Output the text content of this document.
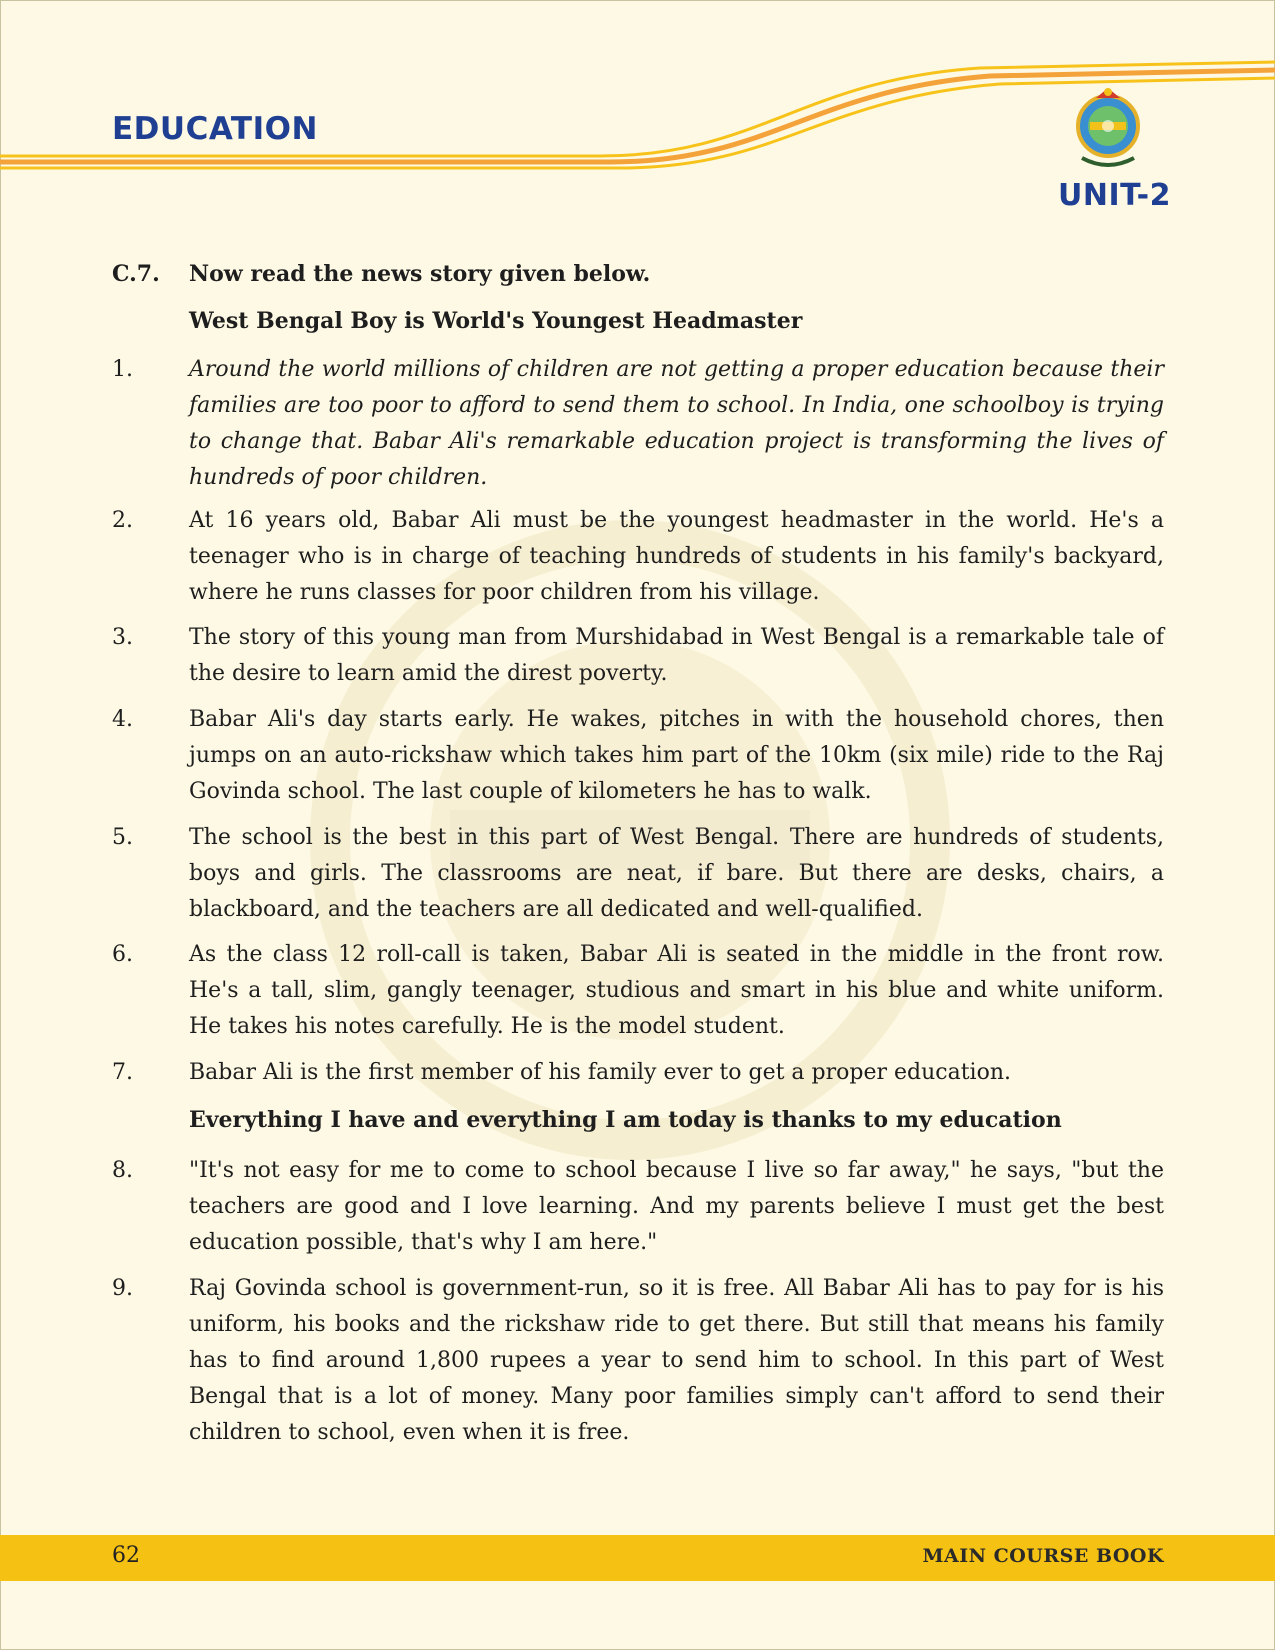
EDUCATION
UNIT-2
C.7.	Now read the news story given below.
West Bengal Boy is World's Youngest Headmaster
1.	Around the world millions of children are not getting a proper education because their families are too poor to afford to send them to school. In India, one schoolboy is trying to change that. Babar Ali's remarkable education project is transforming the lives of hundreds of poor children.
2.	At 16 years old, Babar Ali must be the youngest headmaster in the world. He's a teenager who is in charge of teaching hundreds of students in his family's backyard, where he runs classes for poor children from his village.
3.	The story of this young man from Murshidabad in West Bengal is a remarkable tale of the desire to learn amid the direst poverty.
4.	Babar Ali's day starts early. He wakes, pitches in with the household chores, then jumps on an auto-rickshaw which takes him part of the 10km (six mile) ride to the Raj Govinda school. The last couple of kilometers he has to walk.
5.	The school is the best in this part of West Bengal. There are hundreds of students, boys and girls. The classrooms are neat, if bare. But there are desks, chairs, a blackboard, and the teachers are all dedicated and well-qualified.
6.	As the class 12 roll-call is taken, Babar Ali is seated in the middle in the front row. He's a tall, slim, gangly teenager, studious and smart in his blue and white uniform. He takes his notes carefully. He is the model student.
7.	Babar Ali is the first member of his family ever to get a proper education.
Everything I have and everything I am today is thanks to my education
8.	"It's not easy for me to come to school because I live so far away," he says, "but the teachers are good and I love learning. And my parents believe I must get the best education possible, that's why I am here."
9.	Raj Govinda school is government-run, so it is free. All Babar Ali has to pay for is his uniform, his books and the rickshaw ride to get there. But still that means his family has to find around 1,800 rupees a year to send him to school. In this part of West Bengal that is a lot of money. Many poor families simply can't afford to send their children to school, even when it is free.
62	MAIN COURSE BOOK
